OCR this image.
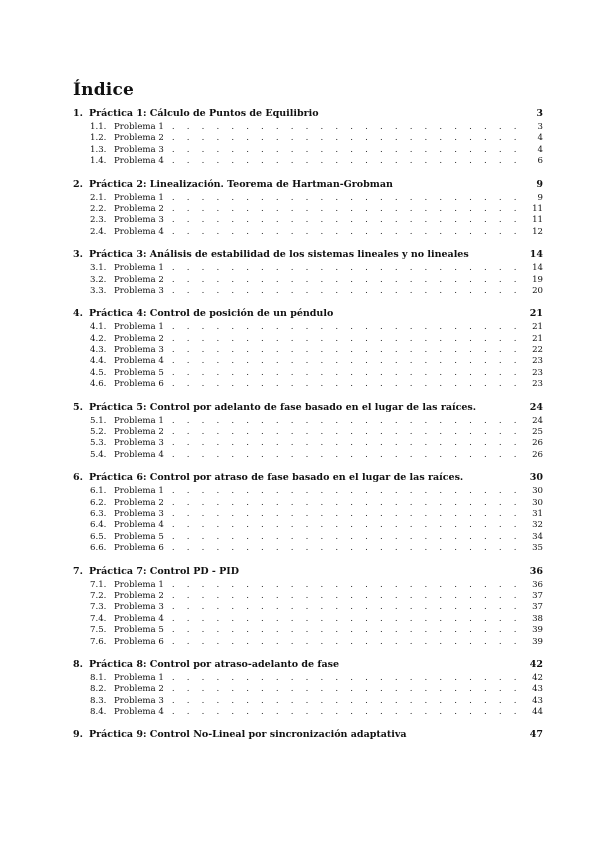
Índice
1. Práctica 1: Cálculo de Puntos de Equilibrio	3
1.1. Problema 1 . . .	3
1.2. Problema 2 . . .	4
1.3. Problema 3 . . .	4
1.4. Problema 4 . . .	6
2. Práctica 2: Linealización. Teorema de Hartman-Grobman	9
2.1. Problema 1 . . .	9
2.2. Problema 2 . . .	11
2.3. Problema 3 . . .	11
2.4. Problema 4 . . .	12
3. Práctica 3: Análisis de estabilidad de los sistemas lineales y no lineales	14
3.1. Problema 1 . . .	14
3.2. Problema 2 . . .	19
3.3. Problema 3 . . .	20
4. Práctica 4: Control de posición de un péndulo	21
4.1. Problema 1 . . .	21
4.2. Problema 2 . . .	21
4.3. Problema 3 . . .	22
4.4. Problema 4 . . .	23
4.5. Problema 5 . . .	23
4.6. Problema 6 . . .	23
5. Práctica 5: Control por adelanto de fase basado en el lugar de las raíces.	24
5.1. Problema 1 . . .	24
5.2. Problema 2 . . .	25
5.3. Problema 3 . . .	26
5.4. Problema 4 . . .	26
6. Práctica 6: Control por atraso de fase basado en el lugar de las raíces.	30
6.1. Problema 1 . . .	30
6.2. Problema 2 . . .	30
6.3. Problema 3 . . .	31
6.4. Problema 4 . . .	32
6.5. Problema 5 . . .	34
6.6. Problema 6 . . .	35
7. Práctica 7: Control PD - PID	36
7.1. Problema 1 . . .	36
7.2. Problema 2 . . .	37
7.3. Problema 3 . . .	37
7.4. Problema 4 . . .	38
7.5. Problema 5 . . .	39
7.6. Problema 6 . . .	39
8. Práctica 8: Control por atraso-adelanto de fase	42
8.1. Problema 1 . . .	42
8.2. Problema 2 . . .	43
8.3. Problema 3 . . .	43
8.4. Problema 4 . . .	44
9. Práctica 9: Control No-Lineal por sincronización adaptativa	47
